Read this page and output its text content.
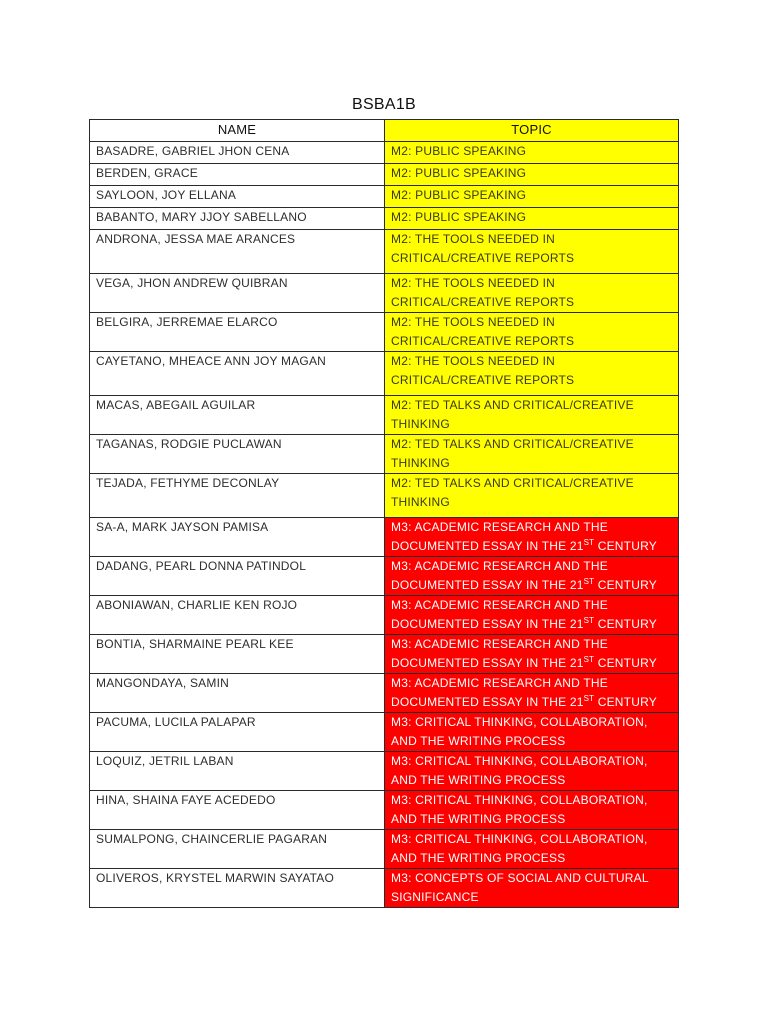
BSBA1B
NAME	TOPIC
BASADRE, GABRIEL JHON CENA	M2: PUBLIC SPEAKING

BERDEN, GRACE	M2: PUBLIC SPEAKING

SAYLOON, JOY ELLANA	M2: PUBLIC SPEAKING

BABANTO, MARY JJOY SABELLANO	M2: PUBLIC SPEAKING

ANDRONA, JESSA MAE ARANCES	M2: THE TOOLS NEEDED IN
CRITICAL/CREATIVE REPORTS

VEGA, JHON ANDREW QUIBRAN	M2: THE TOOLS NEEDED IN
CRITICAL/CREATIVE REPORTS

BELGIRA, JERREMAE ELARCO	M2: THE TOOLS NEEDED IN
CRITICAL/CREATIVE REPORTS

CAYETANO, MHEACE ANN JOY MAGAN	M2: THE TOOLS NEEDED IN
CRITICAL/CREATIVE REPORTS

MACAS, ABEGAIL AGUILAR	M2: TED TALKS AND CRITICAL/CREATIVE
THINKING

TAGANAS, RODGIE PUCLAWAN	M2: TED TALKS AND CRITICAL/CREATIVE
THINKING

TEJADA, FETHYME DECONLAY	M2: TED TALKS AND CRITICAL/CREATIVE
THINKING

SA-A, MARK JAYSON PAMISA	M3: ACADEMIC RESEARCH AND THE
DOCUMENTED ESSAY IN THE 21ST CENTURY

DADANG, PEARL DONNA PATINDOL	M3: ACADEMIC RESEARCH AND THE
DOCUMENTED ESSAY IN THE 21ST CENTURY

ABONIAWAN, CHARLIE KEN ROJO	M3: ACADEMIC RESEARCH AND THE
DOCUMENTED ESSAY IN THE 21ST CENTURY

BONTIA, SHARMAINE PEARL KEE	M3: ACADEMIC RESEARCH AND THE
DOCUMENTED ESSAY IN THE 21ST CENTURY

MANGONDAYA, SAMIN	M3: ACADEMIC RESEARCH AND THE
DOCUMENTED ESSAY IN THE 21ST CENTURY

PACUMA, LUCILA PALAPAR	M3: CRITICAL THINKING, COLLABORATION,
AND THE WRITING PROCESS

LOQUIZ, JETRIL LABAN	M3: CRITICAL THINKING, COLLABORATION,
AND THE WRITING PROCESS

HINA, SHAINA FAYE ACEDEDO	M3: CRITICAL THINKING, COLLABORATION,
AND THE WRITING PROCESS

SUMALPONG, CHAINCERLIE PAGARAN	M3: CRITICAL THINKING, COLLABORATION,
AND THE WRITING PROCESS

OLIVEROS, KRYSTEL MARWIN SAYATAO	M3: CONCEPTS OF SOCIAL AND CULTURAL
SIGNIFICANCE
